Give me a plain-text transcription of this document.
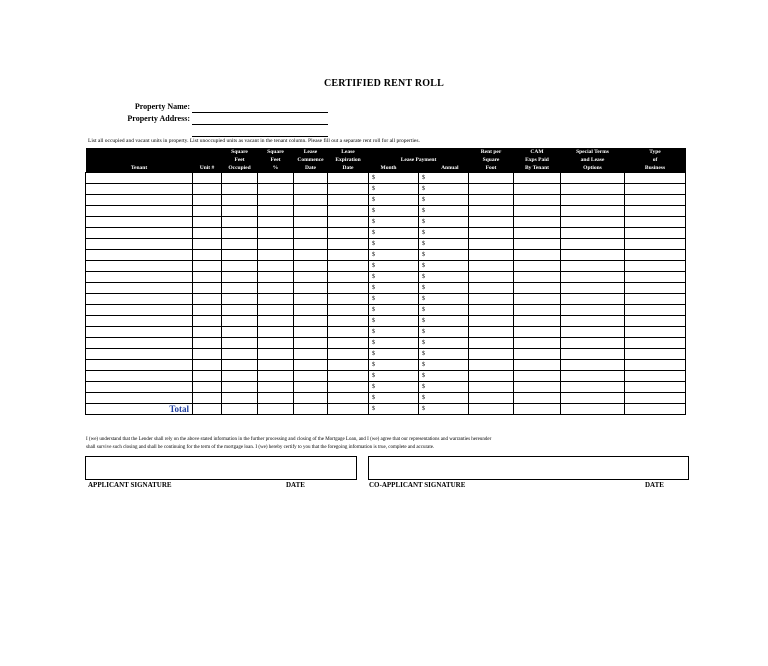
CERTIFIED RENT ROLL
Property Name:
Property Address:
List all occupied and vacant units in property. List unoccupied units as vacant in the tenant column. Please fill out a separate rent roll for all properties.
		Square	Square	Lease	Lease			Rent per	CAM	Special Terms	Type
		Feet	Feet	Commence	Expiration	Lease Payment		Square	Exps Paid	and Lease	of
Tenant	Unit #	Occupied	%	Date	Date	Month	Annual	Foot	By Tenant	Options	Business
						$	$				
						$	$				
						$	$				
						$	$				
						$	$				
						$	$				
						$	$				
						$	$				
						$	$				
						$	$				
						$	$				
						$	$				
						$	$				
						$	$				
						$	$				
						$	$				
						$	$				
						$	$				
						$	$				
						$	$				
						$	$				
Total						$	$				
I (we) understand that the Lender shall rely on the above stated information in the further processing and closing of the Mortgage Loan, and I (we) agree that our representations and warranties hereunder
shall survive such closing and shall be continuing for the term of the mortgage loan. I (we) hereby certify to you that the foregoing information is true, complete and accurate.
APPLICANT SIGNATURE	DATE	CO-APPLICANT SIGNATURE	DATE
